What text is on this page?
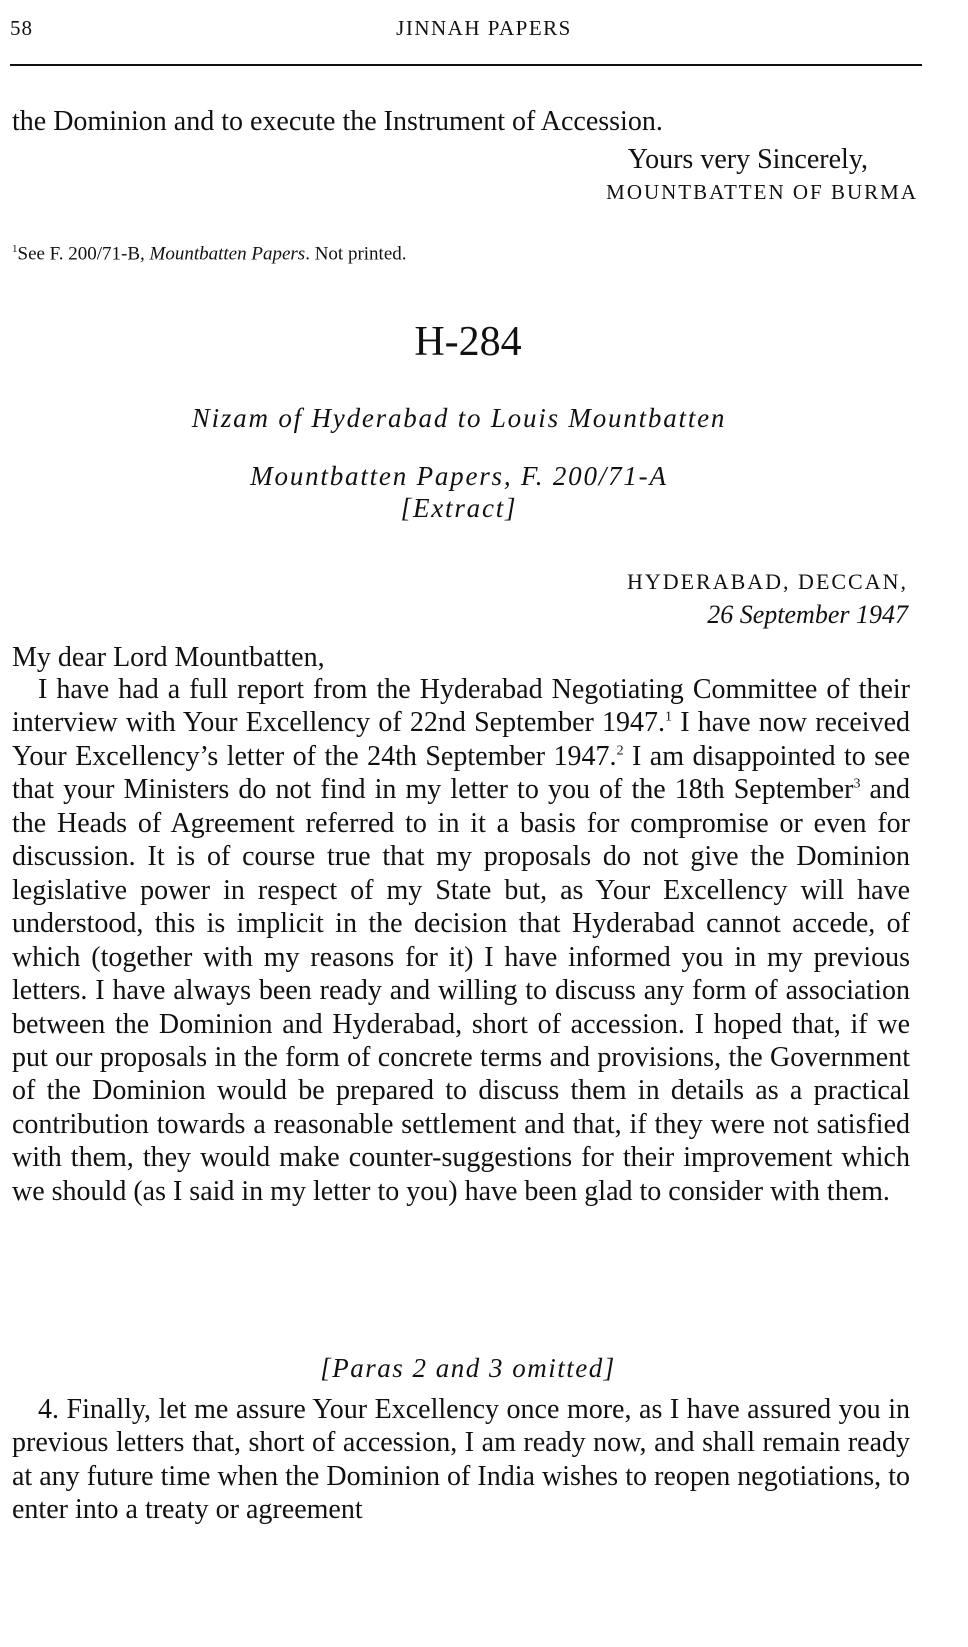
58	JINNAH PAPERS
the Dominion and to execute the Instrument of Accession.
Yours very Sincerely,
MOUNTBATTEN OF BURMA
$^1$See F. 200/71-B, Mountbatten Papers. Not printed.
H-284
Nizam of Hyderabad to Louis Mountbatten
Mountbatten Papers, F. 200/71-A
[Extract]
HYDERABAD, DECCAN,
26 September 1947
My dear Lord Mountbatten,

I have had a full report from the Hyderabad Negotiating Committee of their interview with Your Excellency of 22nd September 1947.$^1$ I have now received Your Excellency’s letter of the 24th September 1947.$^2$ I am disappointed to see that your Ministers do not find in my letter to you of the 18th September$^3$ and the Heads of Agreement referred to in it a basis for compromise or even for discussion. It is of course true that my proposals do not give the Dominion legislative power in respect of my State but, as Your Excellency will have understood, this is implicit in the decision that Hyderabad cannot accede, of which (together with my reasons for it) I have informed you in my previous letters. I have always been ready and willing to discuss any form of association between the Dominion and Hyderabad, short of accession. I hoped that, if we put our proposals in the form of concrete terms and provisions, the Government of the Dominion would be prepared to discuss them in details as a practical contribution towards a reasonable settlement and that, if they were not satisfied with them, they would make counter-suggestions for their improvement which we should (as I said in my letter to you) have been glad to consider with them.

[Paras 2 and 3 omitted]

4. Finally, let me assure Your Excellency once more, as I have assured you in previous letters that, short of accession, I am ready now, and shall remain ready at any future time when the Dominion of India wishes to reopen negotiations, to enter into a treaty or agreement
